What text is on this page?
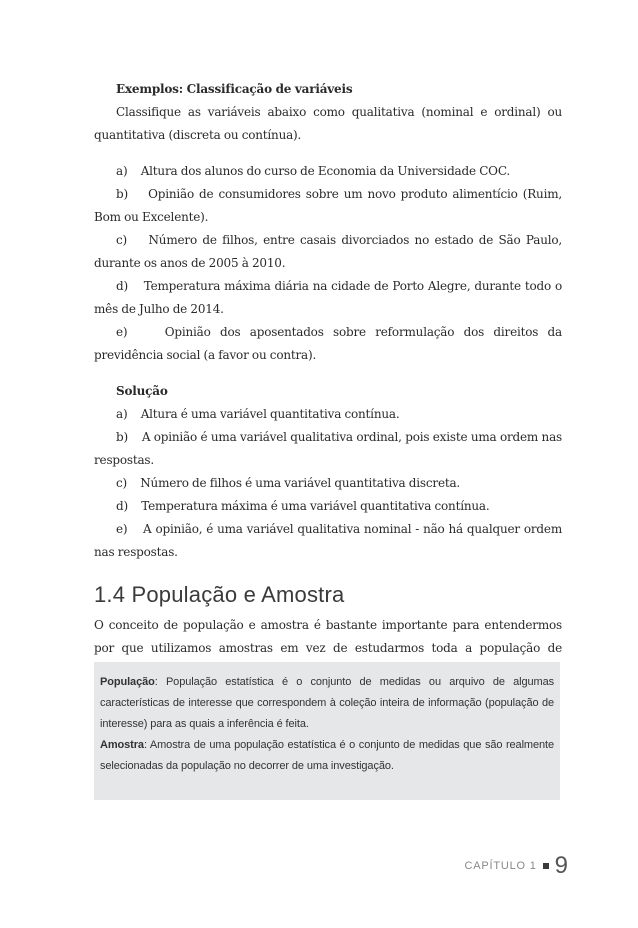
Exemplos: Classificação de variáveis

Classifique as variáveis abaixo como qualitativa (nominal e ordinal) ou quantitativa (discreta ou contínua).

a)    Altura dos alunos do curso de Economia da Universidade COC.

b)    Opinião de consumidores sobre um novo produto alimentício (Ruim, Bom ou Excelente).

c)    Número de filhos, entre casais divorciados no estado de São Paulo, durante os anos de 2005 à 2010.

d)    Temperatura máxima diária na cidade de Porto Alegre, durante todo o mês de Julho de 2014.

e)    Opinião dos aposentados sobre reformulação dos direitos da previdência social (a favor ou contra).

Solução

a)    Altura é uma variável quantitativa contínua.

b)    A opinião é uma variável qualitativa ordinal, pois existe uma ordem nas respostas.

c)    Número de filhos é uma variável quantitativa discreta.

d)    Temperatura máxima é uma variável quantitativa contínua.

e)    A opinião, é uma variável qualitativa nominal - não há qualquer ordem nas respostas.

1.4 População e Amostra

O conceito de população e amostra é bastante importante para entendermos por que utilizamos amostras em vez de estudarmos toda a população de

População: População estatística é o conjunto de medidas ou arquivo de algumas características de interesse que correspondem à coleção inteira de informação (população de interesse) para as quais a inferência é feita.

Amostra: Amostra de uma população estatística é o conjunto de medidas que são realmente selecionadas da população no decorrer de uma investigação.

CAPÍTULO 1 9
